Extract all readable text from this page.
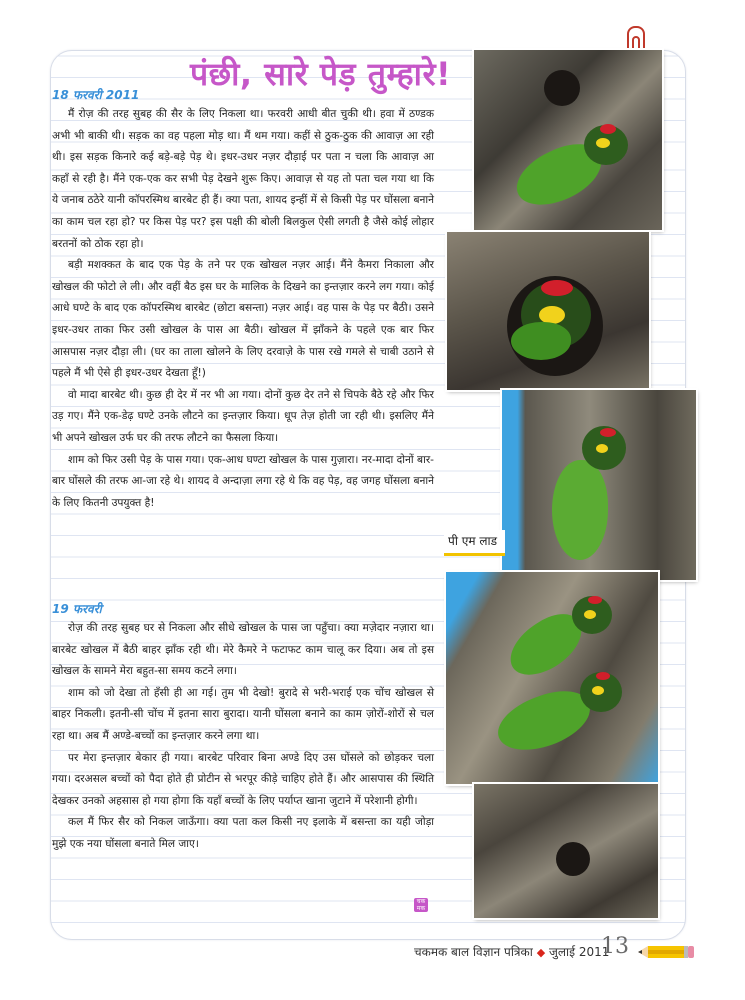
पंछी, सारे पेड़ तुम्हारे!
18 फरवरी 2011

मैं रोज़ की तरह सुबह की सैर के लिए निकला था। फरवरी आधी बीत चुकी थी। हवा में ठण्डक अभी भी बाकी थी। सड़क का वह पहला मोड़ था। मैं थम गया। कहीं से ठुक-ठुक की आवाज़ आ रही थी। इस सड़क किनारे कई बड़े-बड़े पेड़ थे। इधर-उधर नज़र दौड़ाई पर पता न चला कि आवाज़ आ कहाँ से रही है। मैंने एक-एक कर सभी पेड़ देखने शुरू किए। आवाज़ से यह तो पता चल गया था कि ये जनाब ठठेरे यानी कॉपरस्मिथ बारबेट ही हैं। क्या पता, शायद इन्हीं में से किसी पेड़ पर घोंसला बनाने का काम चल रहा हो? पर किस पेड़ पर? इस पक्षी की बोली बिलकुल ऐसी लगती है जैसे कोई लोहार बरतनों को ठोक रहा हो।

बड़ी मशक्कत के बाद एक पेड़ के तने पर एक खोखल नज़र आई। मैंने कैमरा निकाला और खोखल की फोटो ले ली। और वहीं बैठ इस घर के मालिक के दिखने का इन्तज़ार करने लग गया। कोई आधे घण्टे के बाद एक कॉपरस्मिथ बारबेट (छोटा बसन्ता) नज़र आई। वह पास के पेड़ पर बैठी। उसने इधर-उधर ताका फिर उसी खोखल के पास आ बैठी। खोखल में झाँकने के पहले एक बार फिर आसपास नज़र दौड़ा ली। (घर का ताला खोलने के लिए दरवाज़े के पास रखे गमले से चाबी उठाने से पहले मैं भी ऐसे ही इधर-उधर देखता हूँ!)

वो मादा बारबेट थी। कुछ ही देर में नर भी आ गया। दोनों कुछ देर तने से चिपके बैठे रहे और फिर उड़ गए। मैंने एक-डेढ़ घण्टे उनके लौटने का इन्तज़ार किया। धूप तेज़ होती जा रही थी। इसलिए मैंने भी अपने खोखल उर्फ घर की तरफ लौटने का फैसला किया।

शाम को फिर उसी पेड़ के पास गया। एक-आध घण्टा खोखल के पास गुज़ारा। नर-मादा दोनों बार-बार घोंसले की तरफ आ-जा रहे थे। शायद वे अन्दाज़ा लगा रहे थे कि वह पेड़, वह जगह घोंसला बनाने के लिए कितनी उपयुक्त है!

19 फरवरी

रोज़ की तरह सुबह घर से निकला और सीधे खोखल के पास जा पहुँचा। क्या मज़ेदार नज़ारा था। बारबेट खोखल में बैठी बाहर झाँक रही थी। मेरे कैमरे ने फटाफट काम चालू कर दिया। अब तो इस खोखल के सामने मेरा बहुत-सा समय कटने लगा।

शाम को जो देखा तो हँसी ही आ गई। तुम भी देखो! बुरादे से भरी-भराई एक चोंच खोखल से बाहर निकली। इतनी-सी चोंच में इतना सारा बुरादा। यानी घोंसला बनाने का काम ज़ोरों-शोरों से चल रहा था। अब मैं अण्डे-बच्चों का इन्तज़ार करने लगा था।

पर मेरा इन्तज़ार बेकार ही गया। बारबेट परिवार बिना अण्डे दिए उस घोंसले को छोड़कर चला गया। दरअसल बच्चों को पैदा होते ही प्रोटीन से भरपूर कीड़े चाहिए होते हैं। और आसपास की स्थिति देखकर उनको अहसास हो गया होगा कि यहाँ बच्चों के लिए पर्याप्त खाना जुटाने में परेशानी होगी।

कल मैं फिर सैर को निकल जाऊँगा। क्या पता कल किसी नए इलाके में बसन्ता का यही जोड़ा मुझे एक नया घोंसला बनाते मिल जाए।

चक मक
पी एम लाड
चकमक बाल विज्ञान पत्रिका ◆ जुलाई 2011
13
